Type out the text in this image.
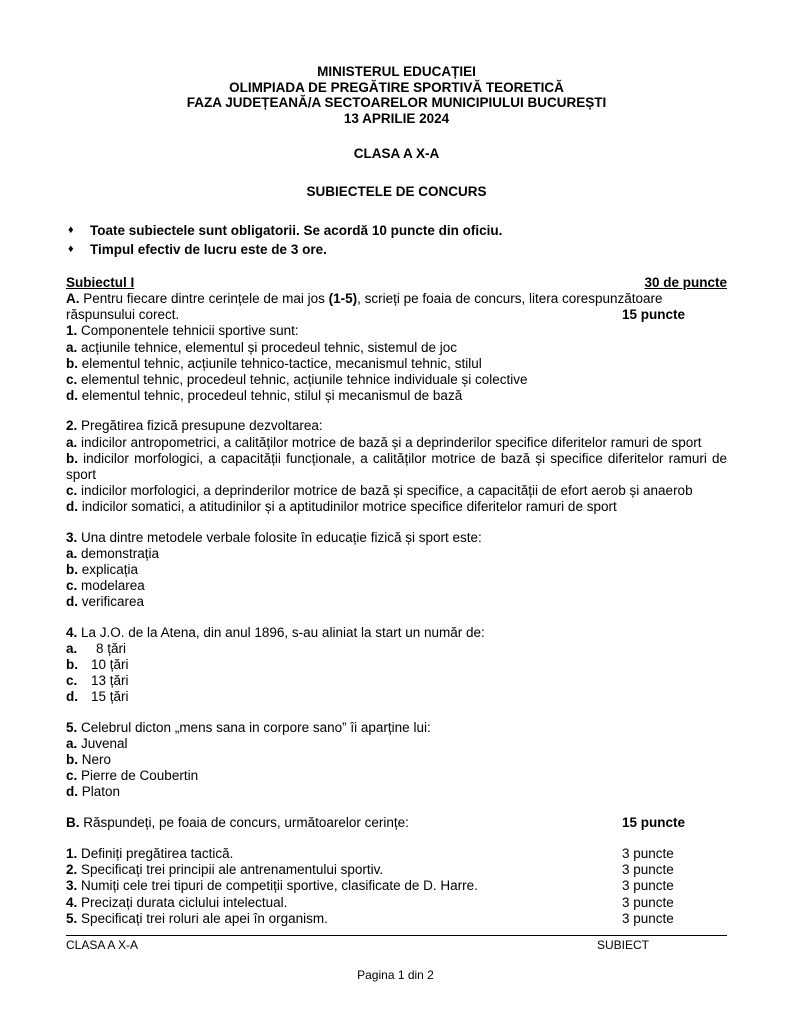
MINISTERUL EDUCAȚIEI
OLIMPIADA DE PREGĂTIRE SPORTIVĂ TEORETICĂ
FAZA JUDEȚEANĂ/A SECTOARELOR MUNICIPIULUI BUCUREȘTI
13 APRILIE 2024
CLASA A X-A
SUBIECTELE DE CONCURS
♦	Toate subiectele sunt obligatorii. Se acordă 10 puncte din oficiu.
♦	Timpul efectiv de lucru este de 3 ore.
Subiectul I	30 de puncte

A. Pentru fiecare dintre cerințele de mai jos (1-5), scrieți pe foaia de concurs, litera corespunzătoare

răspunsului corect.	15 puncte

1. Componentele tehnicii sportive sunt:

a. acțiunile tehnice, elementul și procedeul tehnic, sistemul de joc

b. elementul tehnic, acțiunile tehnico-tactice, mecanismul tehnic, stilul

c. elementul tehnic, procedeul tehnic, acțiunile tehnice individuale și colective

d. elementul tehnic, procedeul tehnic, stilul și mecanismul de bază

2. Pregătirea fizică presupune dezvoltarea:

a. indicilor antropometrici, a calităților motrice de bază și a deprinderilor specifice diferitelor ramuri de sport

b. indicilor morfologici, a capacității funcționale, a calităților motrice de bază și specifice diferitelor ramuri de sport

c. indicilor morfologici, a deprinderilor motrice de bază și specifice, a capacității de efort aerob și anaerob

d. indicilor somatici, a atitudinilor și a aptitudinilor motrice specifice diferitelor ramuri de sport

3. Una dintre metodele verbale folosite în educație fizică și sport este:

a. demonstrația

b. explicația

c. modelarea

d. verificarea

4. La J.O. de la Atena, din anul 1896, s-au aliniat la start un număr de:

a. 8 țări

b. 10 țări

c. 13 țări

d. 15 țări

5. Celebrul dicton „mens sana in corpore sano” îi aparține lui:

a. Juvenal

b. Nero

c. Pierre de Coubertin

d. Platon

B. Răspundeți, pe foaia de concurs, următoarelor cerințe:	15 puncte
1. Definiți pregătirea tactică.	3 puncte
2. Specificați trei principii ale antrenamentului sportiv.	3 puncte
3. Numiți cele trei tipuri de competiții sportive, clasificate de D. Harre.	3 puncte
4. Precizați durata ciclului intelectual.	3 puncte
5. Specificați trei roluri ale apei în organism.	3 puncte
CLASA A X-A	SUBIECT
Pagina 1 din 2
